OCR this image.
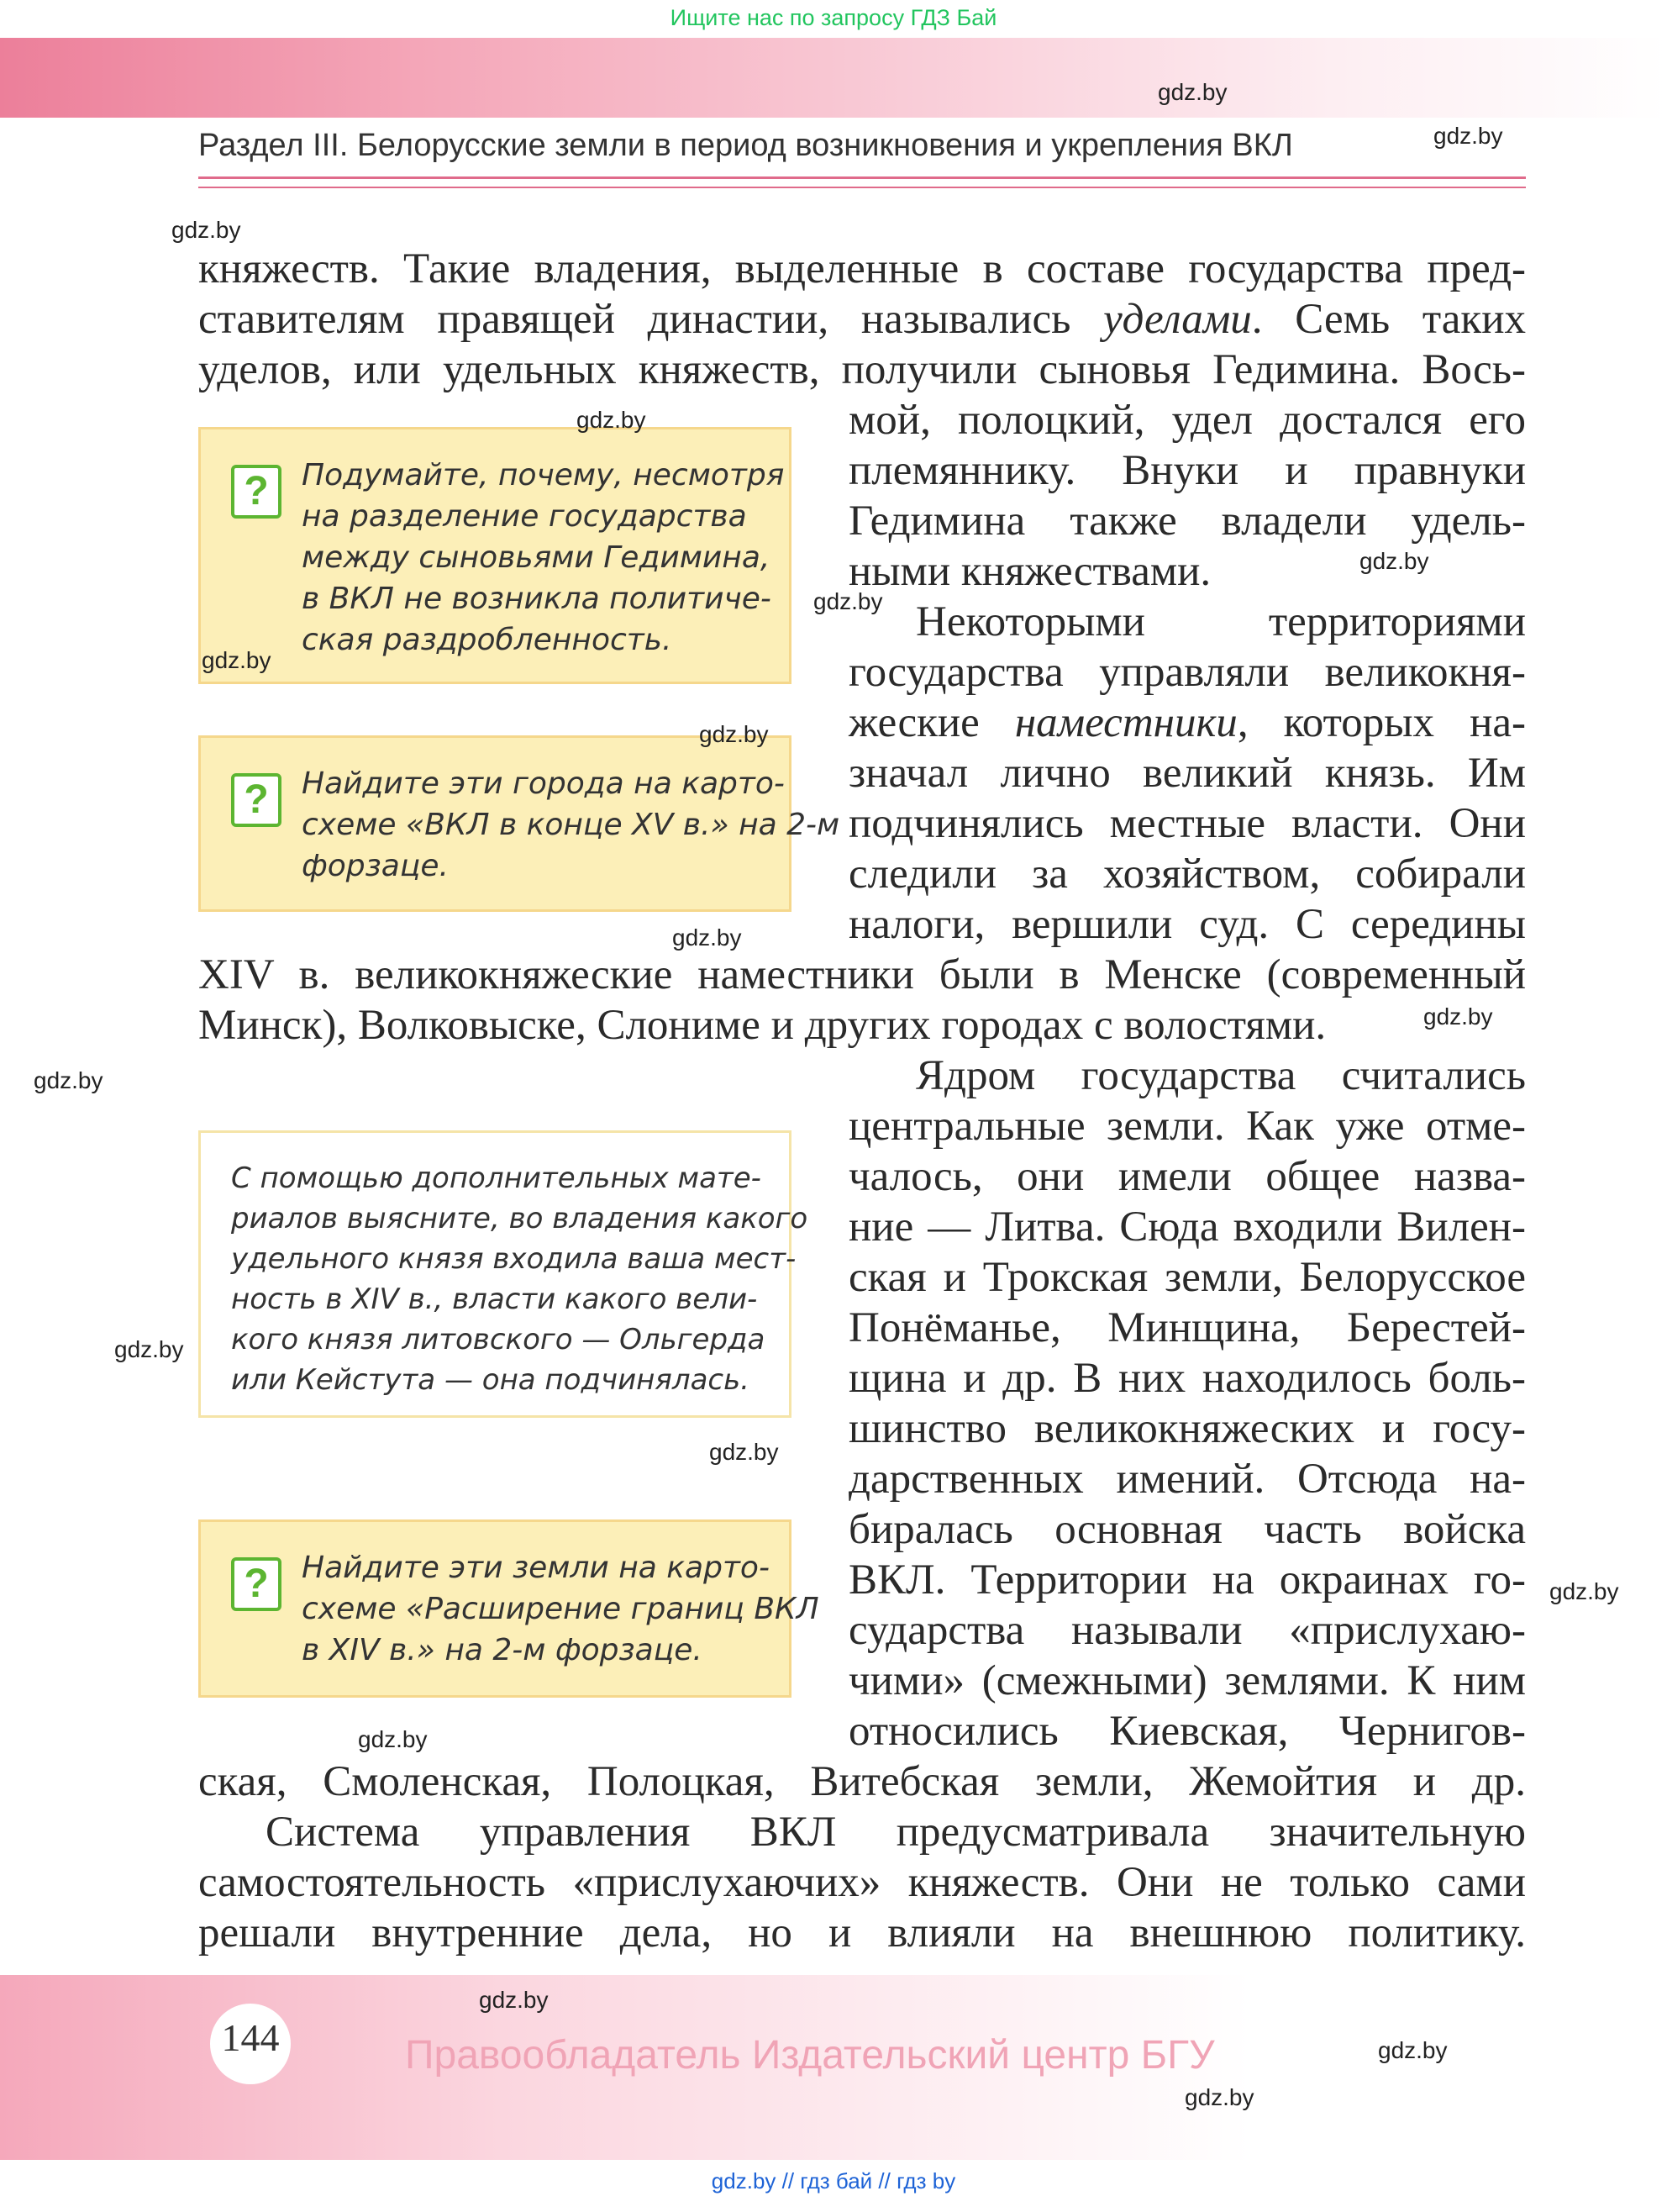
Ищите нас по запросу ГДЗ Бай
Раздел III. Белорусские земли в период возникновения и укрепления ВКЛ
княжеств. Такие владения, выделенные в составе государства пред-
ставителям правящей династии, назывались уделами. Семь таких
уделов, или удельных княжеств, получили сыновья Гедимина. Вось-
мой, полоцкий, удел достался его
племяннику. Внуки и правнуки
Гедимина также владели удель-
ными княжествами.
Некоторыми территориями
государства управляли великокня-
жеские наместники, которых на-
значал лично великий князь. Им
подчинялись местные власти. Они
следили за хозяйством, собирали
налоги, вершили суд. С середины
XIV в. великокняжеские наместники были в Менске (современный
Минск), Волковыске, Слониме и других городах с волостями.
Ядром государства считались
центральные земли. Как уже отме-
чалось, они имели общее назва-
ние — Литва. Сюда входили Вилен-
ская и Трокская земли, Белорусское
Понёманье, Минщина, Берестей-
щина и др. В них находилось боль-
шинство великокняжеских и госу-
дарственных имений. Отсюда на-
биралась основная часть войска
ВКЛ. Территории на окраинах го-
сударства называли «прислухаю-
чими» (смежными) землями. К ним
относились Киевская, Чернигов-
ская, Смоленская, Полоцкая, Витебская земли, Жемойтия и др.
Система управления ВКЛ предусматривала значительную
самостоятельность «прислухаючих» княжеств. Они не только сами
решали внутренние дела, но и влияли на внешнюю политику.
?	Подумайте, почему, несмотря
на разделение государства
между сыновьями Гедимина,
в ВКЛ не возникла политиче-
ская раздробленность.
?	Найдите эти города на карто-
схеме «ВКЛ в конце XV в.» на 2-м
форзаце.
С помощью дополнительных мате-
риалов выясните, во владения какого
удельного князя входила ваша мест-
ность в XIV в., власти какого вели-
кого князя литовского — Ольгерда
или Кейстута — она подчинялась.
?	Найдите эти земли на карто-
схеме «Расширение границ ВКЛ
в XIV в.» на 2-м форзаце.
gdz.by
gdz.by
gdz.by
gdz.by
gdz.by
gdz.by
gdz.by
gdz.by
gdz.by
gdz.by
gdz.by
gdz.by
gdz.by
gdz.by
gdz.by
gdz.by
144	Правообладатель Издательский центр БГУ	gdz.by
gdz.by
gdz.by // гдз бай // гдз by
